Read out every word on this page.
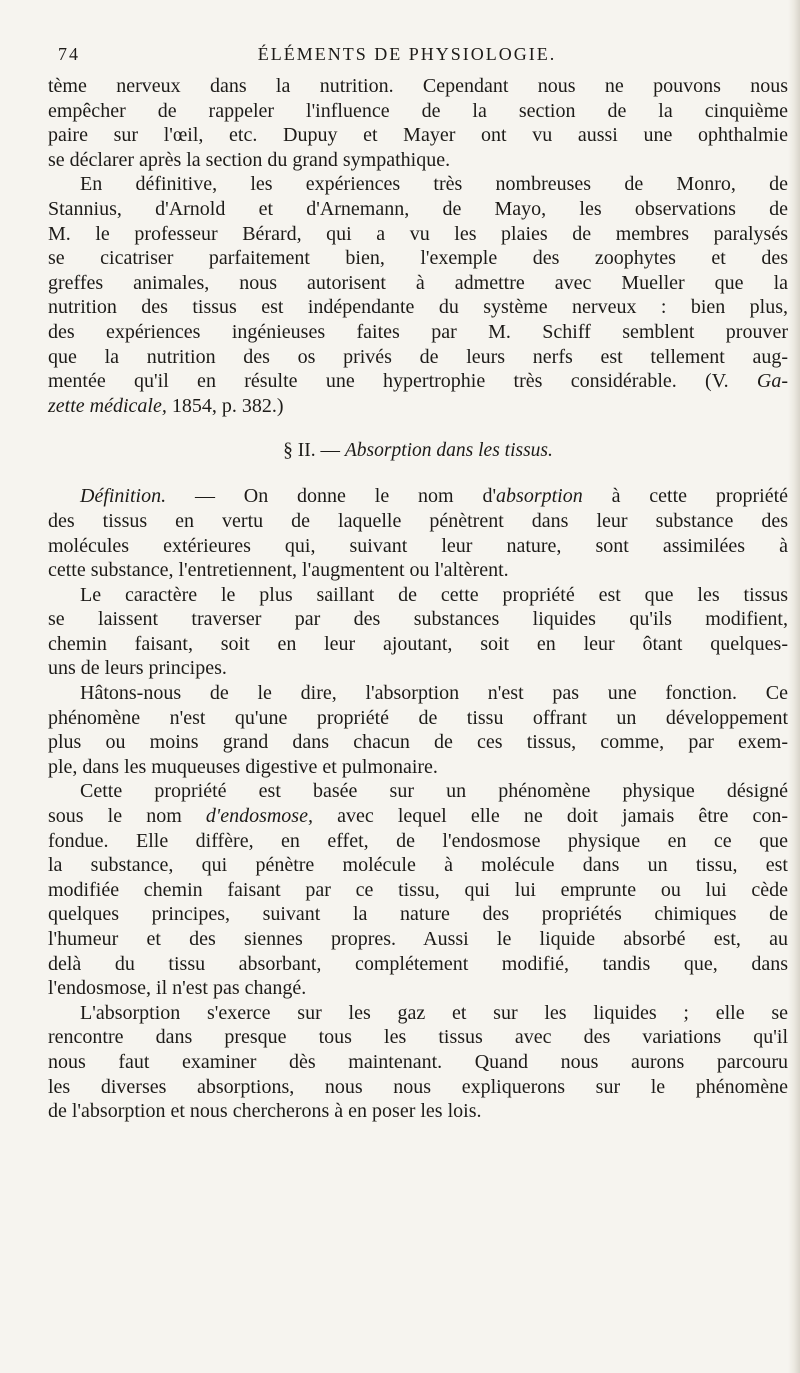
74	ÉLÉMENTS DE PHYSIOLOGIE.

tème nerveux dans la nutrition. Cependant nous ne pouvons nous

empêcher de rappeler l'influence de la section de la cinquième

paire sur l'œil, etc. Dupuy et Mayer ont vu aussi une ophthalmie

se déclarer après la section du grand sympathique.

En définitive, les expériences très nombreuses de Monro, de

Stannius, d'Arnold et d'Arnemann, de Mayo, les observations de

M. le professeur Bérard, qui a vu les plaies de membres paralysés

se cicatriser parfaitement bien, l'exemple des zoophytes et des

greffes animales, nous autorisent à admettre avec Mueller que la

nutrition des tissus est indépendante du système nerveux : bien plus,

des expériences ingénieuses faites par M. Schiff semblent prouver

que la nutrition des os privés de leurs nerfs est tellement aug-

mentée qu'il en résulte une hypertrophie très considérable. (V. Ga-

zette médicale, 1854, p. 382.)

§ II. — Absorption dans les tissus.

Définition. — On donne le nom d'absorption à cette propriété

des tissus en vertu de laquelle pénètrent dans leur substance des

molécules extérieures qui, suivant leur nature, sont assimilées à

cette substance, l'entretiennent, l'augmentent ou l'altèrent.

Le caractère le plus saillant de cette propriété est que les tissus

se laissent traverser par des substances liquides qu'ils modifient,

chemin faisant, soit en leur ajoutant, soit en leur ôtant quelques-

uns de leurs principes.

Hâtons-nous de le dire, l'absorption n'est pas une fonction. Ce

phénomène n'est qu'une propriété de tissu offrant un développement

plus ou moins grand dans chacun de ces tissus, comme, par exem-

ple, dans les muqueuses digestive et pulmonaire.

Cette propriété est basée sur un phénomène physique désigné

sous le nom d'endosmose, avec lequel elle ne doit jamais être con-

fondue. Elle diffère, en effet, de l'endosmose physique en ce que

la substance, qui pénètre molécule à molécule dans un tissu, est

modifiée chemin faisant par ce tissu, qui lui emprunte ou lui cède

quelques principes, suivant la nature des propriétés chimiques de

l'humeur et des siennes propres. Aussi le liquide absorbé est, au

delà du tissu absorbant, complétement modifié, tandis que, dans

l'endosmose, il n'est pas changé.

L'absorption s'exerce sur les gaz et sur les liquides ; elle se

rencontre dans presque tous les tissus avec des variations qu'il

nous faut examiner dès maintenant. Quand nous aurons parcouru

les diverses absorptions, nous nous expliquerons sur le phénomène

de l'absorption et nous chercherons à en poser les lois.
